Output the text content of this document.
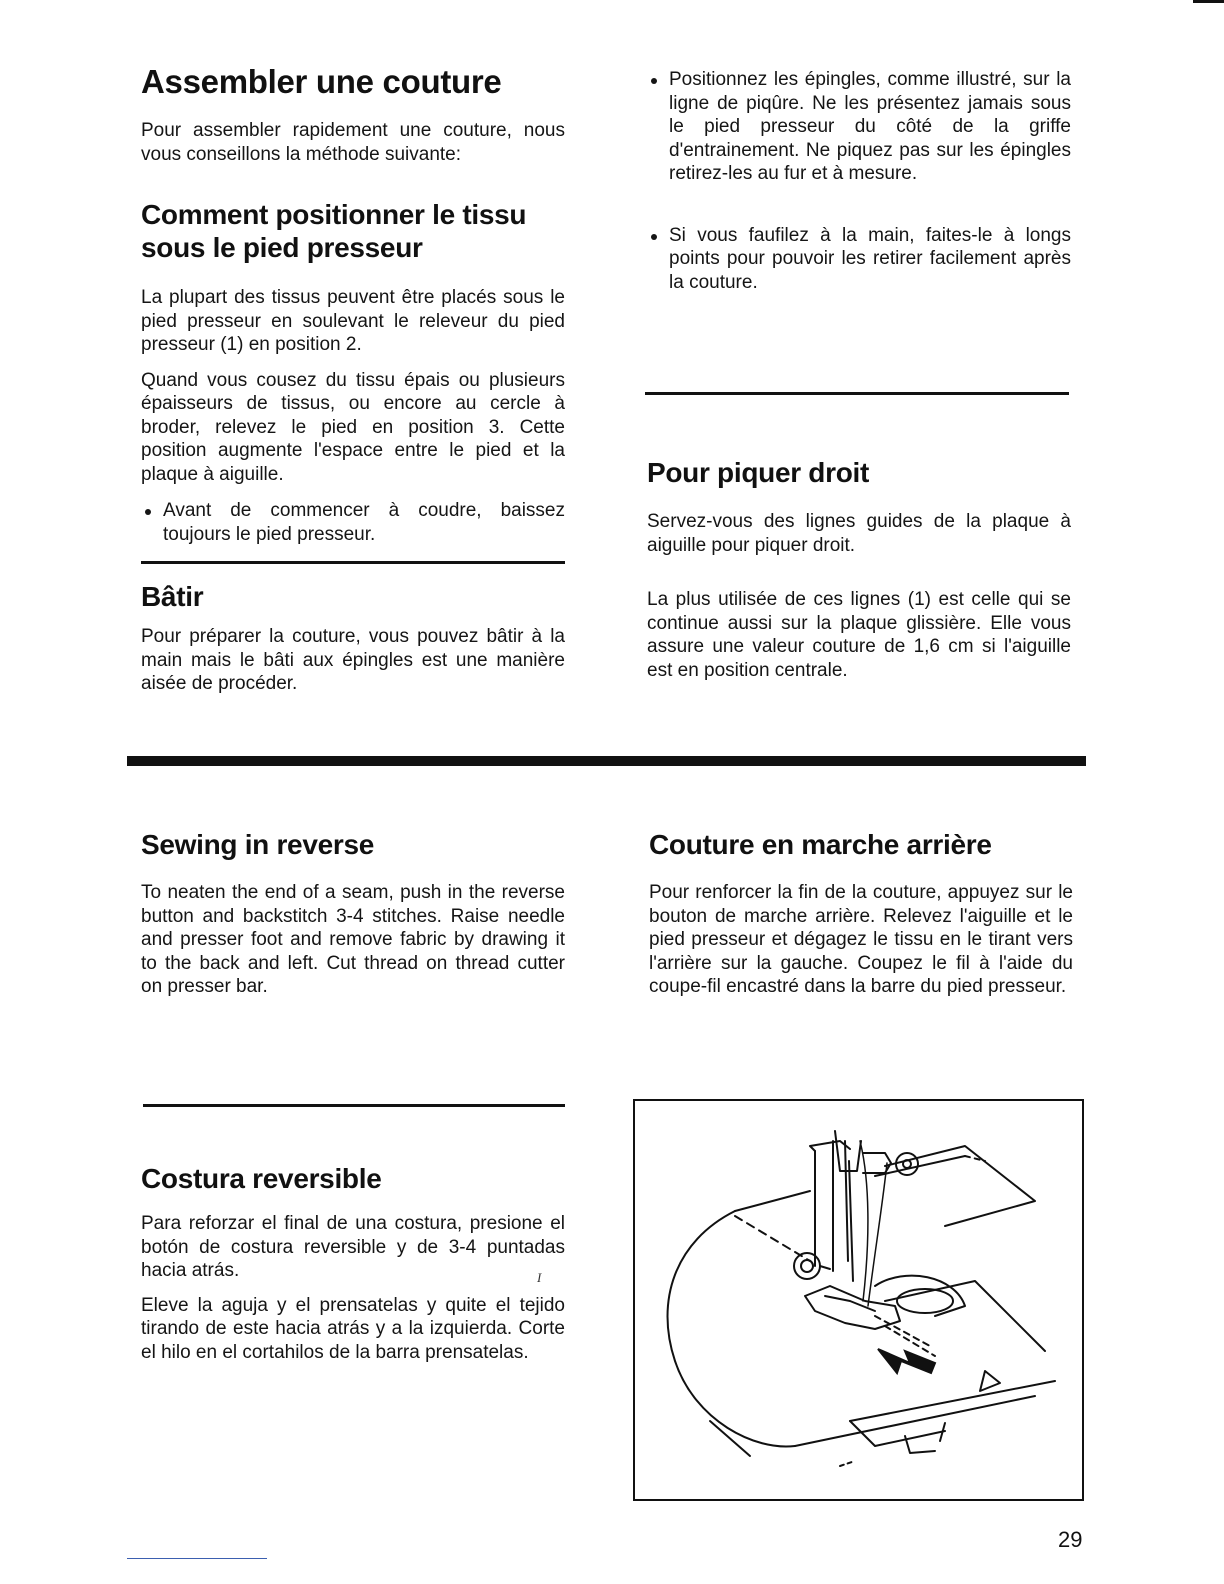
Assembler une couture

Pour assembler rapidement une couture, nous vous conseillons la méthode suivante:

Comment positionner le tissu sous le pied presseur

La plupart des tissus peuvent être placés sous le pied presseur en soulevant le releveur du pied presseur (1) en position 2.

Quand vous cousez du tissu épais ou plusieurs épaisseurs de tissus, ou encore au cercle à broder, relevez le pied en position 3. Cette position augmente l'espace entre le pied et la plaque à aiguille.

Avant de commencer à coudre, baissez toujours le pied presseur.

Bâtir

Pour préparer la couture, vous pouvez bâtir à la main mais le bâti aux épingles est une manière aisée de procéder.

Positionnez les épingles, comme illustré, sur la ligne de piqûre. Ne les présentez jamais sous le pied presseur du côté de la griffe d'entrainement. Ne piquez pas sur les épingles retirez-les au fur et à mesure.

Si vous faufilez à la main, faites-le à longs points pour pouvoir les retirer facilement après la couture.

Pour piquer droit

Servez-vous des lignes guides de la plaque à aiguille pour piquer droit.

La plus utilisée de ces lignes (1) est celle qui se continue aussi sur la plaque glissière. Elle vous assure une valeur couture de 1,6 cm si l'aiguille est en position centrale.

Sewing in reverse

To neaten the end of a seam, push in the reverse button and backstitch 3-4 stitches. Raise needle and presser foot and remove fabric by drawing it to the back and left. Cut thread on thread cutter on presser bar.

Costura reversible

Para reforzar el final de una costura, presione el botón de costura reversible y de 3-4 puntadas hacia atrás.

Eleve la aguja y el prensatelas y quite el tejido tirando de este hacia atrás y a la izquierda. Corte el hilo en el cortahilos de la barra prensatelas.

I
Couture en marche arrière

Pour renforcer la fin de la couture, appuyez sur le bouton de marche arrière. Relevez l'aiguille et le pied presseur et dégagez le tissu en le tirant vers l'arrière sur la gauche. Coupez le fil à l'aide du coupe-fil encastré dans la barre du pied presseur.

29
